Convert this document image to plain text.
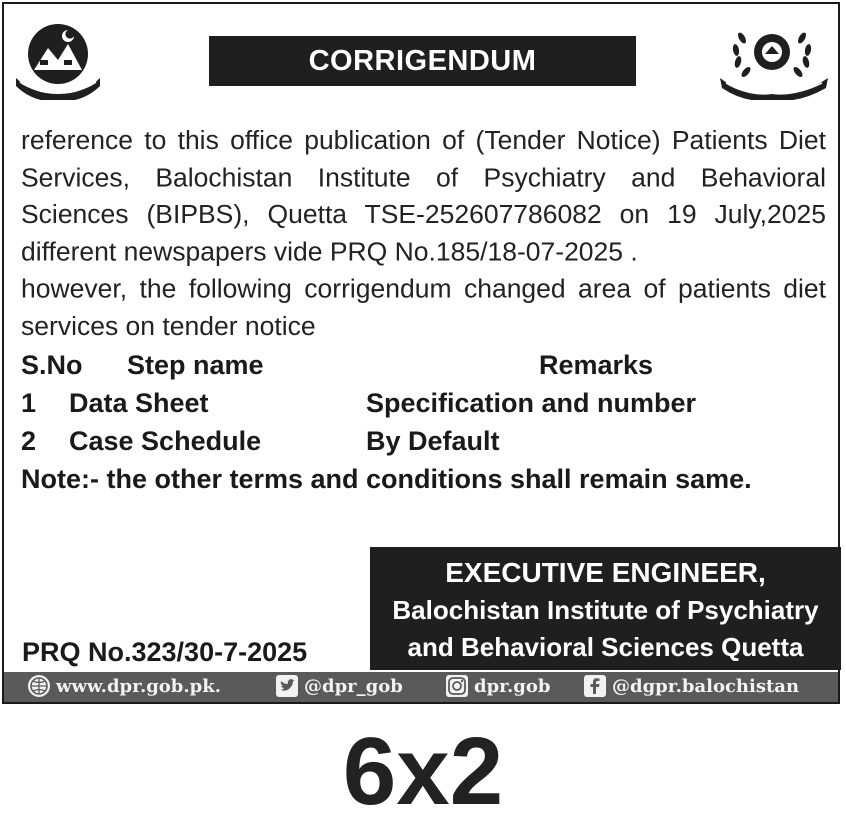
CORRIGENDUM

reference to this office publication of (Tender Notice) Patients Diet Services, Balochistan Institute of Psychiatry and Behavioral Sciences (BIPBS), Quetta TSE-252607786082 on 19 July,2025 different newspapers vide PRQ No.185/18-07-2025 .

however, the following corrigendum changed area of patients diet services on tender notice

S.No Step name	Remarks
1 Data Sheet	Specification and number
2 Case Schedule	By Default
Note:- the other terms and conditions shall remain same.
EXECUTIVE ENGINEER,
Balochistan Institute of Psychiatry
and Behavioral Sciences Quetta
PRQ No.323/30-7-2025
www.dpr.gob.pk.	@dpr_gob	dpr.gob	@dgpr.balochistan
6x2
